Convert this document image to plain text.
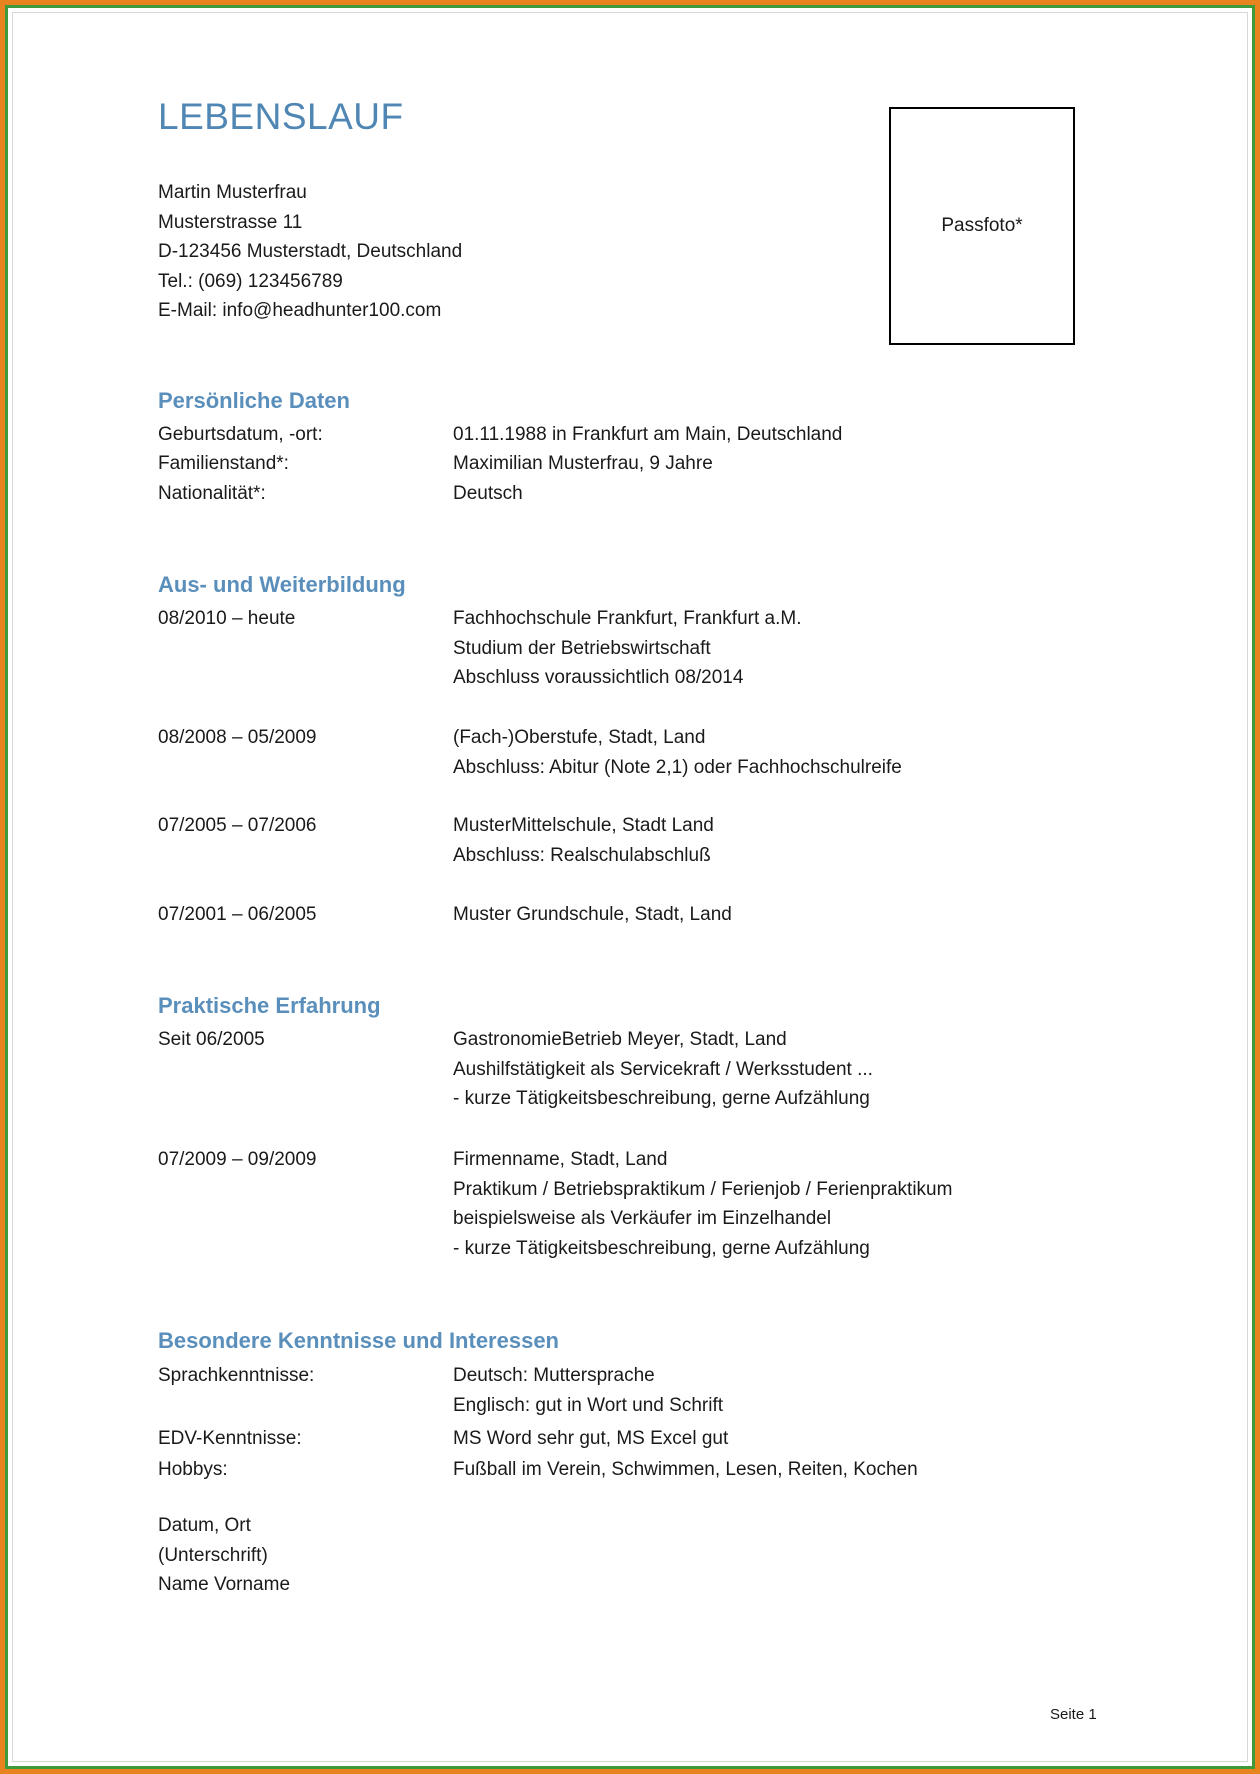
LEBENSLAUF
Martin Musterfrau
Musterstrasse 11
D-123456 Musterstadt, Deutschland
Tel.: (069) 123456789
E-Mail: info@headhunter100.com
Passfoto*
Persönliche Daten
Geburtsdatum, -ort:	01.11.1988 in Frankfurt am Main, Deutschland
Familienstand*:	Maximilian Musterfrau, 9 Jahre
Nationalität*:	Deutsch
Aus- und Weiterbildung
08/2010 – heute	Fachhochschule Frankfurt, Frankfurt a.M.
Studium der Betriebswirtschaft
Abschluss voraussichtlich 08/2014
08/2008 – 05/2009	(Fach-)Oberstufe, Stadt, Land
Abschluss: Abitur (Note 2,1) oder Fachhochschulreife
07/2005 – 07/2006	MusterMittelschule, Stadt Land
Abschluss: Realschulabschluß
07/2001 – 06/2005	Muster Grundschule, Stadt, Land
Praktische Erfahrung
Seit 06/2005	GastronomieBetrieb Meyer, Stadt, Land
Aushilfstätigkeit als Servicekraft / Werksstudent ...
- kurze Tätigkeitsbeschreibung, gerne Aufzählung
07/2009 – 09/2009	Firmenname, Stadt, Land
Praktikum / Betriebspraktikum / Ferienjob / Ferienpraktikum
beispielsweise als Verkäufer im Einzelhandel
- kurze Tätigkeitsbeschreibung, gerne Aufzählung
Besondere Kenntnisse und Interessen
Sprachkenntnisse:	Deutsch: Muttersprache
Englisch: gut in Wort und Schrift
EDV-Kenntnisse:	MS Word sehr gut, MS Excel gut
Hobbys:	Fußball im Verein, Schwimmen, Lesen, Reiten, Kochen
Datum, Ort
(Unterschrift)
Name Vorname
Seite 1
